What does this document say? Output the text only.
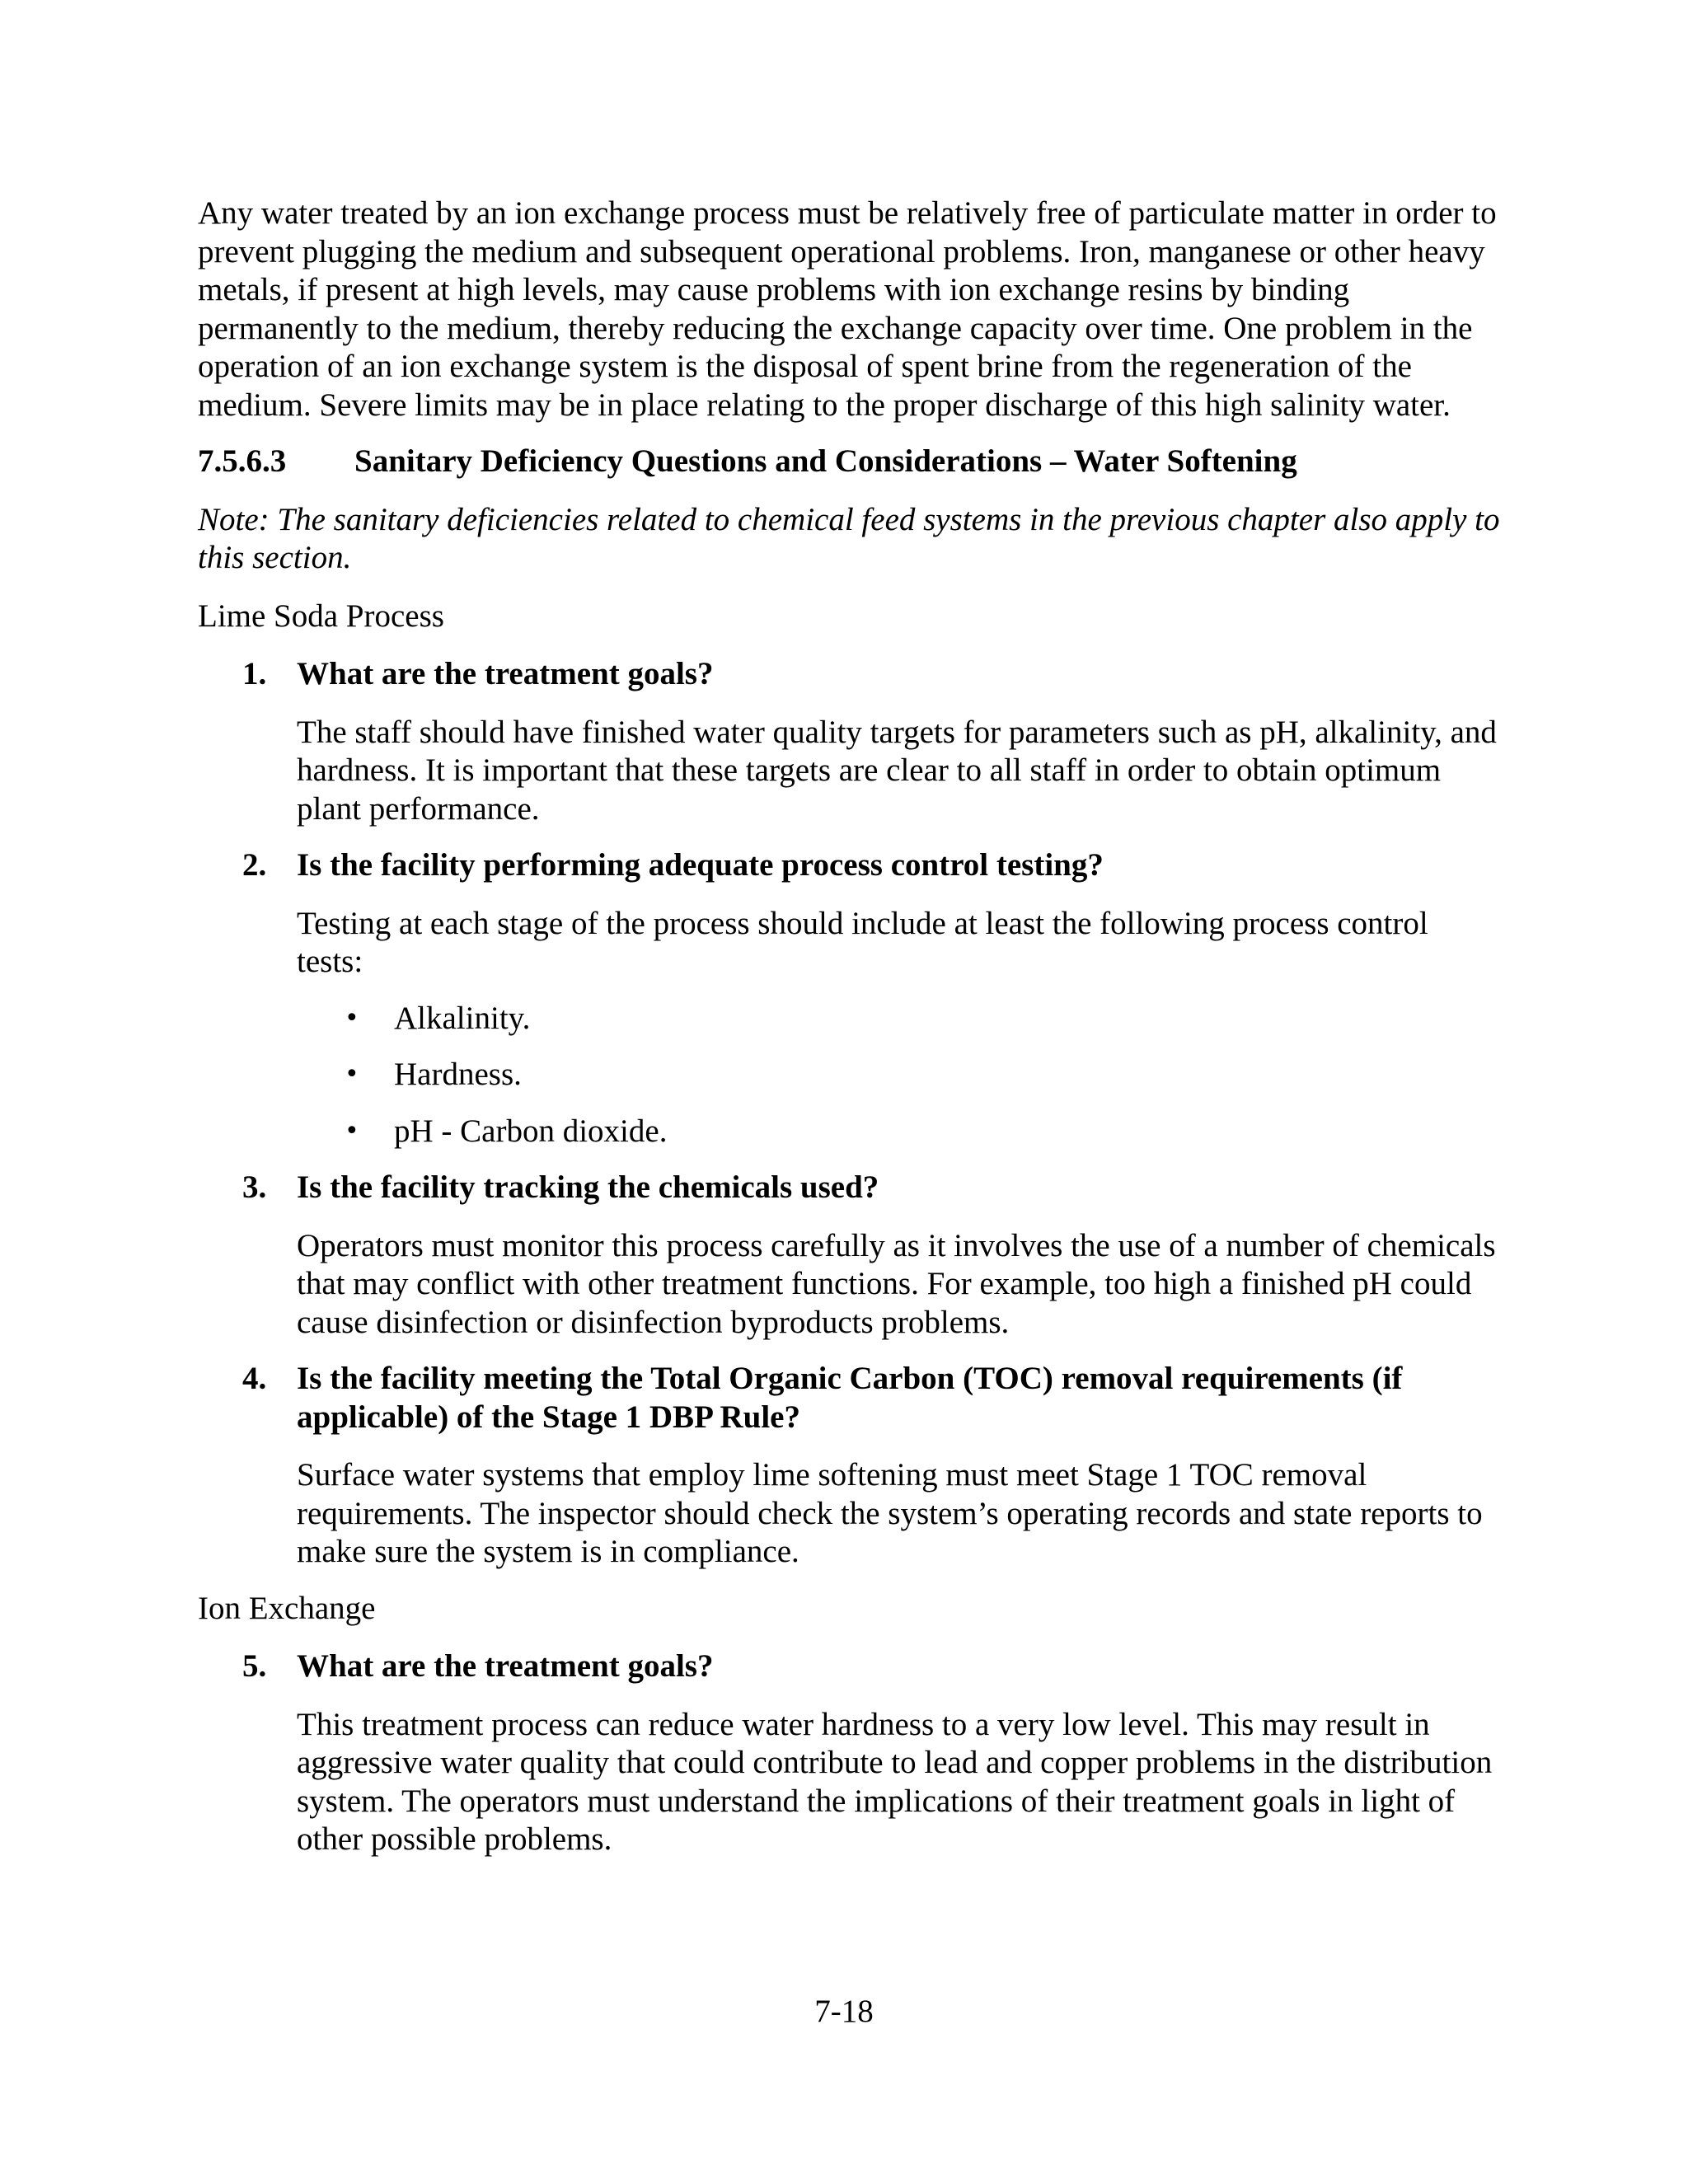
Any water treated by an ion exchange process must be relatively free of particulate matter in order to prevent plugging the medium and subsequent operational problems. Iron, manganese or other heavy metals, if present at high levels, may cause problems with ion exchange resins by binding permanently to the medium, thereby reducing the exchange capacity over time. One problem in the operation of an ion exchange system is the disposal of spent brine from the regeneration of the medium. Severe limits may be in place relating to the proper discharge of this high salinity water.

7.5.6.3	Sanitary Deficiency Questions and Considerations – Water Softening

Note: The sanitary deficiencies related to chemical feed systems in the previous chapter also apply to this section.

Lime Soda Process

1. What are the treatment goals?

The staff should have finished water quality targets for parameters such as pH, alkalinity, and hardness. It is important that these targets are clear to all staff in order to obtain optimum plant performance.

2. Is the facility performing adequate process control testing?

Testing at each stage of the process should include at least the following process control tests:

•	Alkalinity.
•	Hardness.
•	pH - Carbon dioxide.
3. Is the facility tracking the chemicals used?

Operators must monitor this process carefully as it involves the use of a number of chemicals that may conflict with other treatment functions. For example, too high a finished pH could cause disinfection or disinfection byproducts problems.

4. Is the facility meeting the Total Organic Carbon (TOC) removal requirements (if applicable) of the Stage 1 DBP Rule?

Surface water systems that employ lime softening must meet Stage 1 TOC removal requirements. The inspector should check the system’s operating records and state reports to make sure the system is in compliance.

Ion Exchange

5. What are the treatment goals?

This treatment process can reduce water hardness to a very low level. This may result in aggressive water quality that could contribute to lead and copper problems in the distribution system. The operators must understand the implications of their treatment goals in light of other possible problems.

7-18
